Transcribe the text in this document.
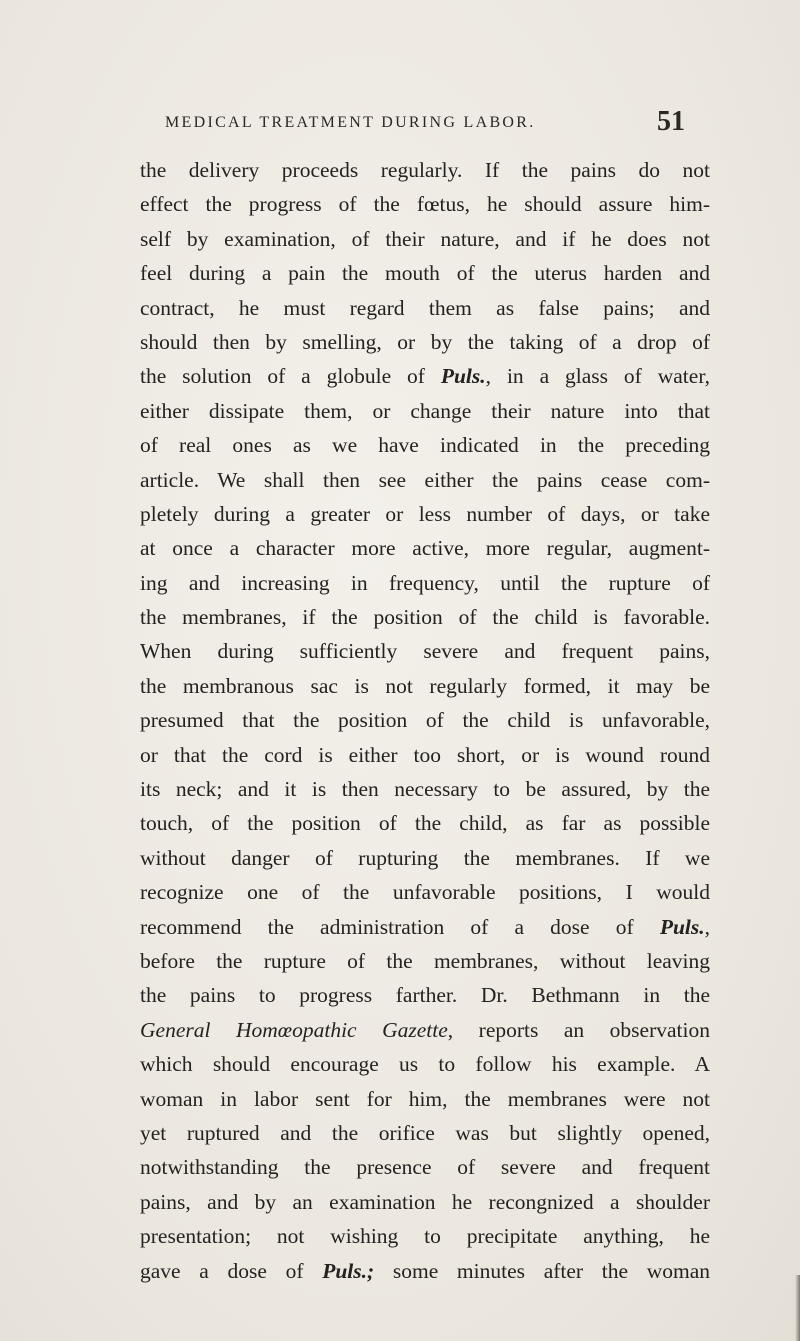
MEDICAL TREATMENT DURING LABOR.	51
the delivery proceeds regularly. If the pains do not
effect the progress of the fœtus, he should assure him-
self by examination, of their nature, and if he does not
feel during a pain the mouth of the uterus harden and
contract, he must regard them as false pains; and
should then by smelling, or by the taking of a drop of
the solution of a globule of Puls., in a glass of water,
either dissipate them, or change their nature into that
of real ones as we have indicated in the preceding
article. We shall then see either the pains cease com-
pletely during a greater or less number of days, or take
at once a character more active, more regular, augment-
ing and increasing in frequency, until the rupture of
the membranes, if the position of the child is favorable.
When during sufficiently severe and frequent pains,
the membranous sac is not regularly formed, it may be
presumed that the position of the child is unfavorable,
or that the cord is either too short, or is wound round
its neck; and it is then necessary to be assured, by the
touch, of the position of the child, as far as possible
without danger of rupturing the membranes. If we
recognize one of the unfavorable positions, I would
recommend the administration of a dose of Puls.,
before the rupture of the membranes, without leaving
the pains to progress farther. Dr. Bethmann in the
General Homœopathic Gazette, reports an observation
which should encourage us to follow his example. A
woman in labor sent for him, the membranes were not
yet ruptured and the orifice was but slightly opened,
notwithstanding the presence of severe and frequent
pains, and by an examination he recongnized a shoulder
presentation; not wishing to precipitate anything, he
gave a dose of Puls.; some minutes after the woman
